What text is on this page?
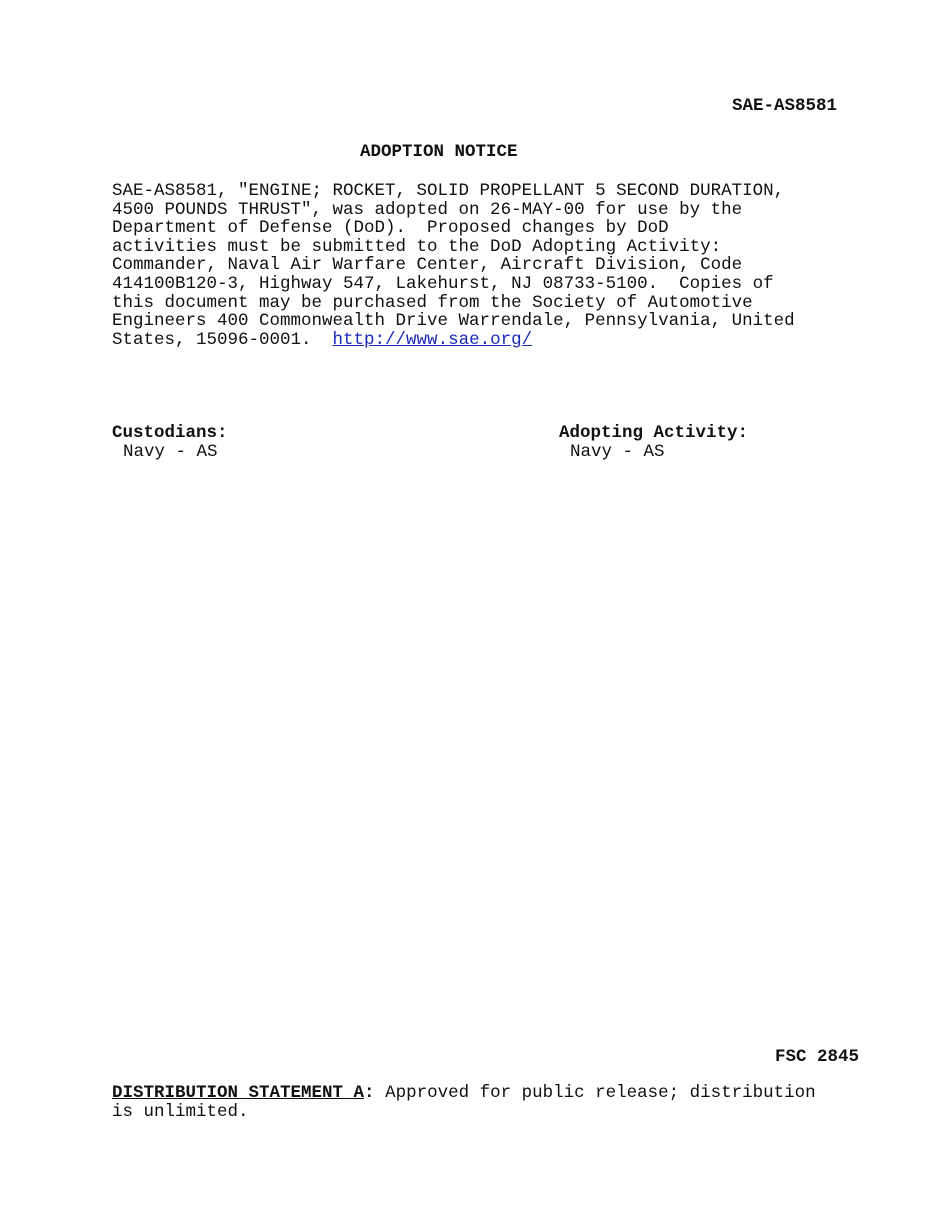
SAE-AS8581
ADOPTION NOTICE
SAE-AS8581, "ENGINE; ROCKET, SOLID PROPELLANT 5 SECOND DURATION,
4500 POUNDS THRUST", was adopted on 26-MAY-00 for use by the
Department of Defense (DoD).  Proposed changes by DoD
activities must be submitted to the DoD Adopting Activity:
Commander, Naval Air Warfare Center, Aircraft Division, Code
414100B120-3, Highway 547, Lakehurst, NJ 08733-5100.  Copies of
this document may be purchased from the Society of Automotive
Engineers 400 Commonwealth Drive Warrendale, Pennsylvania, United
States, 15096-0001.  http://www.sae.org/
Custodians:
Navy - AS
Adopting Activity:
Navy - AS
FSC 2845
DISTRIBUTION STATEMENT A: Approved for public release; distribution
is unlimited.
